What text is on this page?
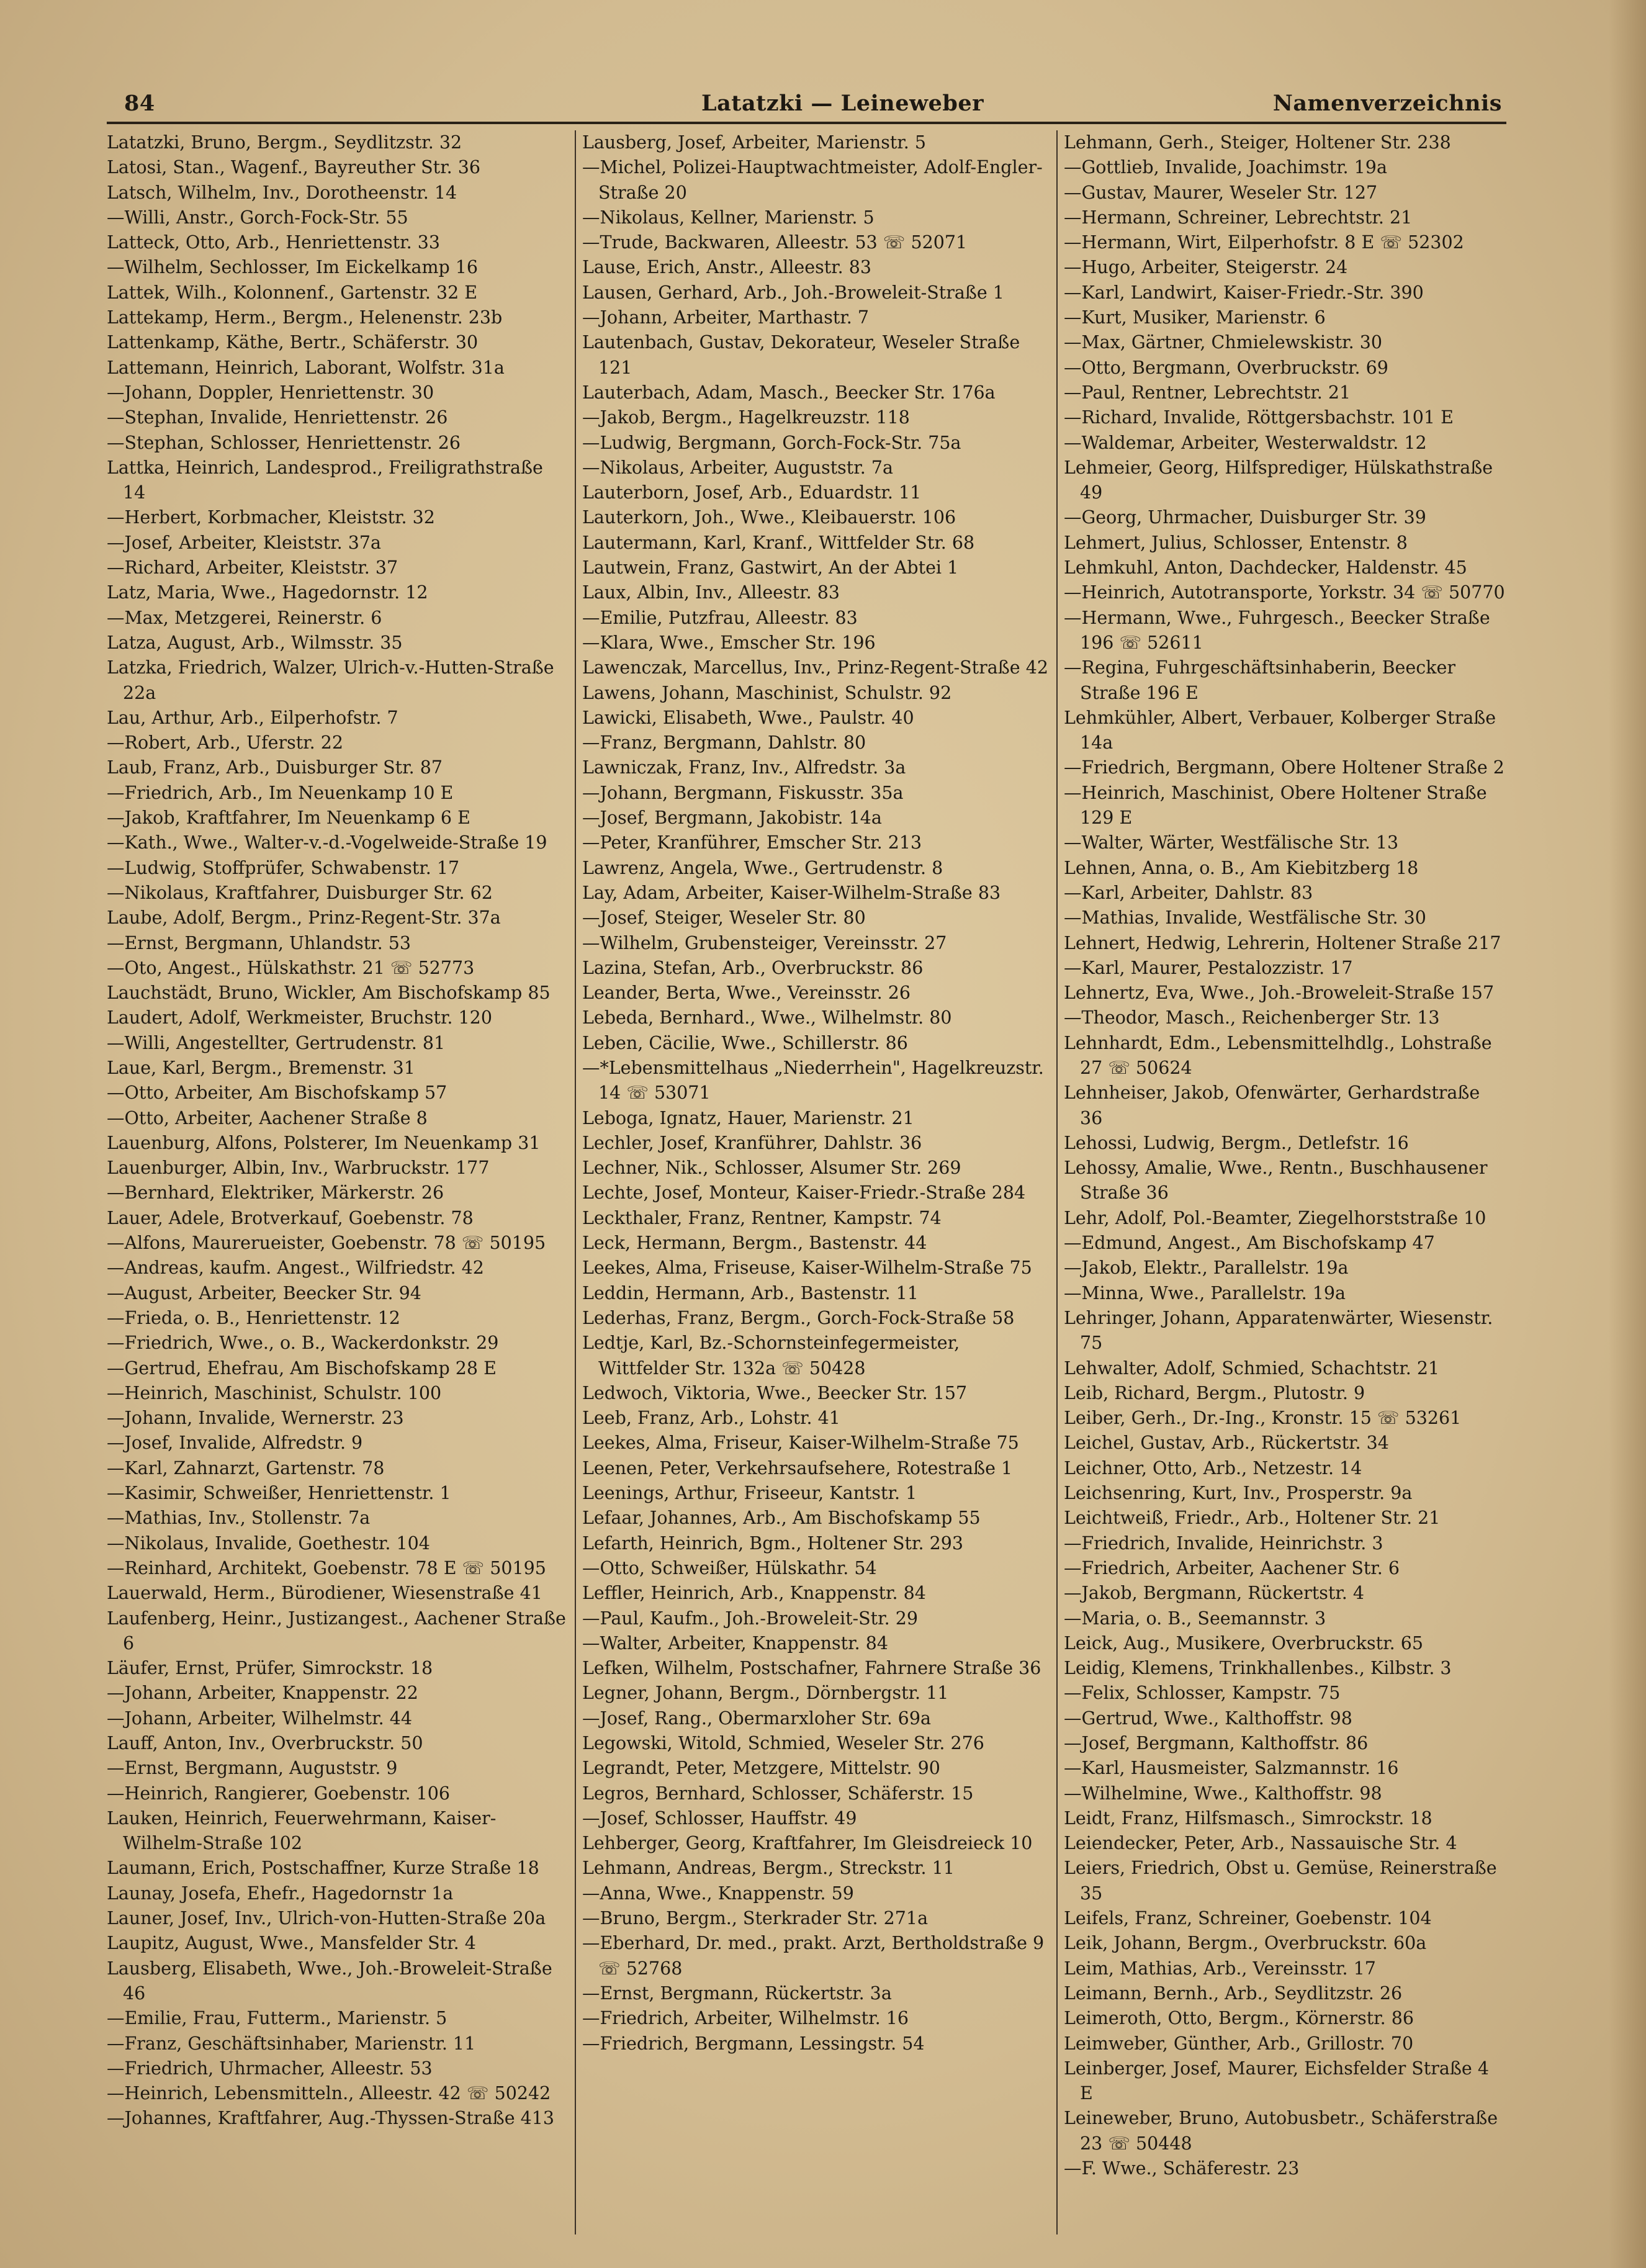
84	Latatzki — Leineweber	Namenverzeichnis
Latatzki, Bruno, Bergm., Seydlitzstr. 32
Latosi, Stan., Wagenf., Bayreuther Str. 36
Latsch, Wilhelm, Inv., Dorotheenstr. 14
—Willi, Anstr., Gorch-Fock-Str. 55
Latteck, Otto, Arb., Henriettenstr. 33
—Wilhelm, Sechlosser, Im Eickelkamp 16
Lattek, Wilh., Kolonnenf., Gartenstr. 32 E
Lattekamp, Herm., Bergm., Helenenstr. 23b
Lattenkamp, Käthe, Bertr., Schäferstr. 30
Lattemann, Heinrich, Laborant, Wolfstr. 31a
—Johann, Doppler, Henriettenstr. 30
—Stephan, Invalide, Henriettenstr. 26
—Stephan, Schlosser, Henriettenstr. 26
Lattka, Heinrich, Landesprod., Freiligrathstraße 14
—Herbert, Korbmacher, Kleiststr. 32
—Josef, Arbeiter, Kleiststr. 37a
—Richard, Arbeiter, Kleiststr. 37
Latz, Maria, Wwe., Hagedornstr. 12
—Max, Metzgerei, Reinerstr. 6
Latza, August, Arb., Wilmsstr. 35
Latzka, Friedrich, Walzer, Ulrich-v.-Hutten-Straße 22a
Lau, Arthur, Arb., Eilperhofstr. 7
—Robert, Arb., Uferstr. 22
Laub, Franz, Arb., Duisburger Str. 87
—Friedrich, Arb., Im Neuenkamp 10 E
—Jakob, Kraftfahrer, Im Neuenkamp 6 E
—Kath., Wwe., Walter-v.-d.-Vogelweide-Straße 19
—Ludwig, Stoffprüfer, Schwabenstr. 17
—Nikolaus, Kraftfahrer, Duisburger Str. 62
Laube, Adolf, Bergm., Prinz-Regent-Str. 37a
—Ernst, Bergmann, Uhlandstr. 53
—Oto, Angest., Hülskathstr. 21 ☏ 52773
Lauchstädt, Bruno, Wickler, Am Bischofskamp 85
Laudert, Adolf, Werkmeister, Bruchstr. 120
—Willi, Angestellter, Gertrudenstr. 81
Laue, Karl, Bergm., Bremenstr. 31
—Otto, Arbeiter, Am Bischofskamp 57
—Otto, Arbeiter, Aachener Straße 8
Lauenburg, Alfons, Polsterer, Im Neuenkamp 31
Lauenburger, Albin, Inv., Warbruckstr. 177
—Bernhard, Elektriker, Märkerstr. 26
Lauer, Adele, Brotverkauf, Goebenstr. 78
—Alfons, Maurerueister, Goebenstr. 78 ☏ 50195
—Andreas, kaufm. Angest., Wilfriedstr. 42
—August, Arbeiter, Beecker Str. 94
—Frieda, o. B., Henriettenstr. 12
—Friedrich, Wwe., o. B., Wackerdonkstr. 29
—Gertrud, Ehefrau, Am Bischofskamp 28 E
—Heinrich, Maschinist, Schulstr. 100
—Johann, Invalide, Wernerstr. 23
—Josef, Invalide, Alfredstr. 9
—Karl, Zahnarzt, Gartenstr. 78
—Kasimir, Schweißer, Henriettenstr. 1
—Mathias, Inv., Stollenstr. 7a
—Nikolaus, Invalide, Goethestr. 104
—Reinhard, Architekt, Goebenstr. 78 E ☏ 50195
Lauerwald, Herm., Bürodiener, Wiesenstraße 41
Laufenberg, Heinr., Justizangest., Aachener Straße 6
Läufer, Ernst, Prüfer, Simrockstr. 18
—Johann, Arbeiter, Knappenstr. 22
—Johann, Arbeiter, Wilhelmstr. 44
Lauff, Anton, Inv., Overbruckstr. 50
—Ernst, Bergmann, Auguststr. 9
—Heinrich, Rangierer, Goebenstr. 106
Lauken, Heinrich, Feuerwehrmann, Kaiser-Wilhelm-Straße 102
Laumann, Erich, Postschaffner, Kurze Straße 18
Launay, Josefa, Ehefr., Hagedornstr 1a
Launer, Josef, Inv., Ulrich-von-Hutten-Straße 20a
Laupitz, August, Wwe., Mansfelder Str. 4
Lausberg, Elisabeth, Wwe., Joh.-Broweleit-Straße 46
—Emilie, Frau, Futterm., Marienstr. 5
—Franz, Geschäftsinhaber, Marienstr. 11
—Friedrich, Uhrmacher, Alleestr. 53
—Heinrich, Lebensmitteln., Alleestr. 42 ☏ 50242
—Johannes, Kraftfahrer, Aug.-Thyssen-Straße 413
Lausberg, Josef, Arbeiter, Marienstr. 5
—Michel, Polizei-Hauptwachtmeister, Adolf-Engler-Straße 20
—Nikolaus, Kellner, Marienstr. 5
—Trude, Backwaren, Alleestr. 53 ☏ 52071
Lause, Erich, Anstr., Alleestr. 83
Lausen, Gerhard, Arb., Joh.-Broweleit-Straße 1
—Johann, Arbeiter, Marthastr. 7
Lautenbach, Gustav, Dekorateur, Weseler Straße 121
Lauterbach, Adam, Masch., Beecker Str. 176a
—Jakob, Bergm., Hagelkreuzstr. 118
—Ludwig, Bergmann, Gorch-Fock-Str. 75a
—Nikolaus, Arbeiter, Auguststr. 7a
Lauterborn, Josef, Arb., Eduardstr. 11
Lauterkorn, Joh., Wwe., Kleibauerstr. 106
Lautermann, Karl, Kranf., Wittfelder Str. 68
Lautwein, Franz, Gastwirt, An der Abtei 1
Laux, Albin, Inv., Alleestr. 83
—Emilie, Putzfrau, Alleestr. 83
—Klara, Wwe., Emscher Str. 196
Lawenczak, Marcellus, Inv., Prinz-Regent-Straße 42
Lawens, Johann, Maschinist, Schulstr. 92
Lawicki, Elisabeth, Wwe., Paulstr. 40
—Franz, Bergmann, Dahlstr. 80
Lawniczak, Franz, Inv., Alfredstr. 3a
—Johann, Bergmann, Fiskusstr. 35a
—Josef, Bergmann, Jakobistr. 14a
—Peter, Kranführer, Emscher Str. 213
Lawrenz, Angela, Wwe., Gertrudenstr. 8
Lay, Adam, Arbeiter, Kaiser-Wilhelm-Straße 83
—Josef, Steiger, Weseler Str. 80
—Wilhelm, Grubensteiger, Vereinsstr. 27
Lazina, Stefan, Arb., Overbruckstr. 86
Leander, Berta, Wwe., Vereinsstr. 26
Lebeda, Bernhard., Wwe., Wilhelmstr. 80
Leben, Cäcilie, Wwe., Schillerstr. 86
—*Lebensmittelhaus „Niederrhein", Hagelkreuzstr. 14 ☏ 53071
Leboga, Ignatz, Hauer, Marienstr. 21
Lechler, Josef, Kranführer, Dahlstr. 36
Lechner, Nik., Schlosser, Alsumer Str. 269
Lechte, Josef, Monteur, Kaiser-Friedr.-Straße 284
Leckthaler, Franz, Rentner, Kampstr. 74
Leck, Hermann, Bergm., Bastenstr. 44
Leekes, Alma, Friseuse, Kaiser-Wilhelm-Straße 75
Leddin, Hermann, Arb., Bastenstr. 11
Lederhas, Franz, Bergm., Gorch-Fock-Straße 58
Ledtje, Karl, Bz.-Schornsteinfegermeister, Wittfelder Str. 132a ☏ 50428
Ledwoch, Viktoria, Wwe., Beecker Str. 157
Leeb, Franz, Arb., Lohstr. 41
Leekes, Alma, Friseur, Kaiser-Wilhelm-Straße 75
Leenen, Peter, Verkehrsaufsehere, Rotestraße 1
Leenings, Arthur, Friseeur, Kantstr. 1
Lefaar, Johannes, Arb., Am Bischofskamp 55
Lefarth, Heinrich, Bgm., Holtener Str. 293
—Otto, Schweißer, Hülskathr. 54
Leffler, Heinrich, Arb., Knappenstr. 84
—Paul, Kaufm., Joh.-Broweleit-Str. 29
—Walter, Arbeiter, Knappenstr. 84
Lefken, Wilhelm, Postschafner, Fahrnere Straße 36
Legner, Johann, Bergm., Dörnbergstr. 11
—Josef, Rang., Obermarxloher Str. 69a
Legowski, Witold, Schmied, Weseler Str. 276
Legrandt, Peter, Metzgere, Mittelstr. 90
Legros, Bernhard, Schlosser, Schäferstr. 15
—Josef, Schlosser, Hauffstr. 49
Lehberger, Georg, Kraftfahrer, Im Gleisdreieck 10
Lehmann, Andreas, Bergm., Streckstr. 11
—Anna, Wwe., Knappenstr. 59
—Bruno, Bergm., Sterkrader Str. 271a
—Eberhard, Dr. med., prakt. Arzt, Bertholdstraße 9 ☏ 52768
—Ernst, Bergmann, Rückertstr. 3a
—Friedrich, Arbeiter, Wilhelmstr. 16
—Friedrich, Bergmann, Lessingstr. 54
Lehmann, Gerh., Steiger, Holtener Str. 238
—Gottlieb, Invalide, Joachimstr. 19a
—Gustav, Maurer, Weseler Str. 127
—Hermann, Schreiner, Lebrechtstr. 21
—Hermann, Wirt, Eilperhofstr. 8 E ☏ 52302
—Hugo, Arbeiter, Steigerstr. 24
—Karl, Landwirt, Kaiser-Friedr.-Str. 390
—Kurt, Musiker, Marienstr. 6
—Max, Gärtner, Chmielewskistr. 30
—Otto, Bergmann, Overbruckstr. 69
—Paul, Rentner, Lebrechtstr. 21
—Richard, Invalide, Röttgersbachstr. 101 E
—Waldemar, Arbeiter, Westerwaldstr. 12
Lehmeier, Georg, Hilfsprediger, Hülskathstraße 49
—Georg, Uhrmacher, Duisburger Str. 39
Lehmert, Julius, Schlosser, Entenstr. 8
Lehmkuhl, Anton, Dachdecker, Haldenstr. 45
—Heinrich, Autotransporte, Yorkstr. 34 ☏ 50770
—Hermann, Wwe., Fuhrgesch., Beecker Straße 196 ☏ 52611
—Regina, Fuhrgeschäftsinhaberin, Beecker Straße 196 E
Lehmkühler, Albert, Verbauer, Kolberger Straße 14a
—Friedrich, Bergmann, Obere Holtener Straße 2
—Heinrich, Maschinist, Obere Holtener Straße 129 E
—Walter, Wärter, Westfälische Str. 13
Lehnen, Anna, o. B., Am Kiebitzberg 18
—Karl, Arbeiter, Dahlstr. 83
—Mathias, Invalide, Westfälische Str. 30
Lehnert, Hedwig, Lehrerin, Holtener Straße 217
—Karl, Maurer, Pestalozzistr. 17
Lehnertz, Eva, Wwe., Joh.-Broweleit-Straße 157
—Theodor, Masch., Reichenberger Str. 13
Lehnhardt, Edm., Lebensmittelhdlg., Lohstraße 27 ☏ 50624
Lehnheiser, Jakob, Ofenwärter, Gerhardstraße 36
Lehossi, Ludwig, Bergm., Detlefstr. 16
Lehossy, Amalie, Wwe., Rentn., Buschhausener Straße 36
Lehr, Adolf, Pol.-Beamter, Ziegelhorststraße 10
—Edmund, Angest., Am Bischofskamp 47
—Jakob, Elektr., Parallelstr. 19a
—Minna, Wwe., Parallelstr. 19a
Lehringer, Johann, Apparatenwärter, Wiesenstr. 75
Lehwalter, Adolf, Schmied, Schachtstr. 21
Leib, Richard, Bergm., Plutostr. 9
Leiber, Gerh., Dr.-Ing., Kronstr. 15 ☏ 53261
Leichel, Gustav, Arb., Rückertstr. 34
Leichner, Otto, Arb., Netzestr. 14
Leichsenring, Kurt, Inv., Prosperstr. 9a
Leichtweiß, Friedr., Arb., Holtener Str. 21
—Friedrich, Invalide, Heinrichstr. 3
—Friedrich, Arbeiter, Aachener Str. 6
—Jakob, Bergmann, Rückertstr. 4
—Maria, o. B., Seemannstr. 3
Leick, Aug., Musikere, Overbruckstr. 65
Leidig, Klemens, Trinkhallenbes., Kilbstr. 3
—Felix, Schlosser, Kampstr. 75
—Gertrud, Wwe., Kalthoffstr. 98
—Josef, Bergmann, Kalthoffstr. 86
—Karl, Hausmeister, Salzmannstr. 16
—Wilhelmine, Wwe., Kalthoffstr. 98
Leidt, Franz, Hilfsmasch., Simrockstr. 18
Leiendecker, Peter, Arb., Nassauische Str. 4
Leiers, Friedrich, Obst u. Gemüse, Reinerstraße 35
Leifels, Franz, Schreiner, Goebenstr. 104
Leik, Johann, Bergm., Overbruckstr. 60a
Leim, Mathias, Arb., Vereinsstr. 17
Leimann, Bernh., Arb., Seydlitzstr. 26
Leimeroth, Otto, Bergm., Körnerstr. 86
Leimweber, Günther, Arb., Grillostr. 70
Leinberger, Josef, Maurer, Eichsfelder Straße 4 E
Leineweber, Bruno, Autobusbetr., Schäferstraße 23 ☏ 50448
—F. Wwe., Schäferestr. 23
